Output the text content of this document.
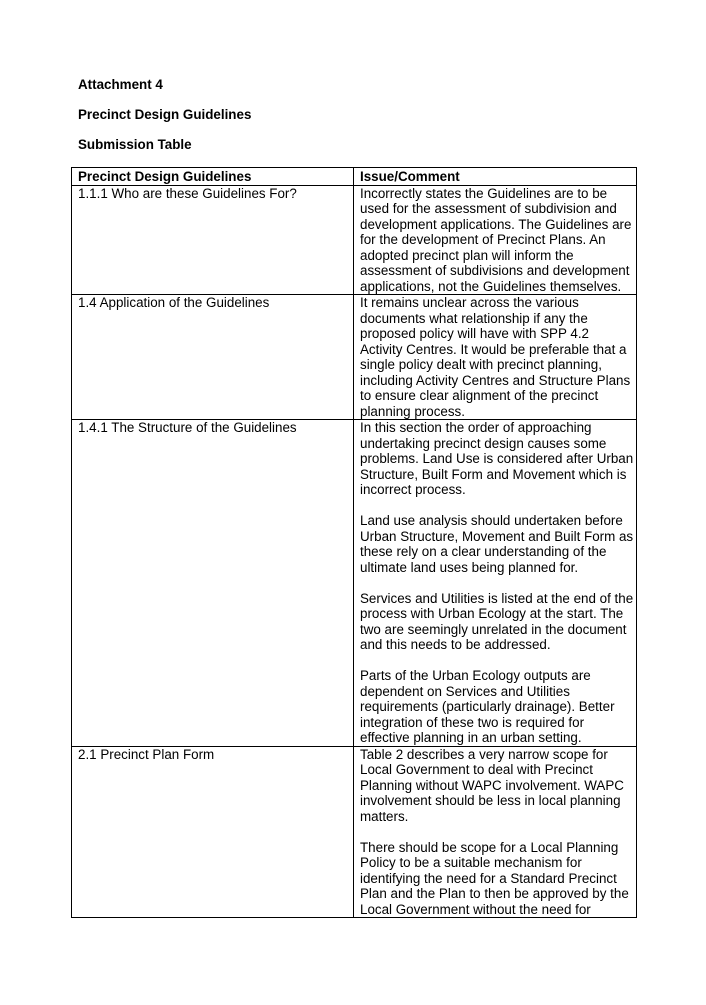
Attachment 4
Precinct Design Guidelines
Submission Table
Precinct Design Guidelines	Issue/Comment
1.1.1 Who are these Guidelines For?	Incorrectly states the Guidelines are to be used for the assessment of subdivision and development applications. The Guidelines are for the development of Precinct Plans. An adopted precinct plan will inform the assessment of subdivisions and development applications, not the Guidelines themselves.

1.4 Application of the Guidelines	It remains unclear across the various documents what relationship if any the proposed policy will have with SPP 4.2 Activity Centres. It would be preferable that a single policy dealt with precinct planning, including Activity Centres and Structure Plans to ensure clear alignment of the precinct planning process.

1.4.1 The Structure of the Guidelines	In this section the order of approaching undertaking precinct design causes some problems. Land Use is considered after Urban Structure, Built Form and Movement which is incorrect process.
Land use analysis should undertaken before Urban Structure, Movement and Built Form as these rely on a clear understanding of the ultimate land uses being planned for.
Services and Utilities is listed at the end of the process with Urban Ecology at the start. The two are seemingly unrelated in the document and this needs to be addressed.
Parts of the Urban Ecology outputs are dependent on Services and Utilities requirements (particularly drainage). Better integration of these two is required for effective planning in an urban setting.

2.1 Precinct Plan Form	Table 2 describes a very narrow scope for Local Government to deal with Precinct Planning without WAPC involvement. WAPC involvement should be less in local planning matters.
There should be scope for a Local Planning Policy to be a suitable mechanism for identifying the need for a Standard Precinct Plan and the Plan to then be approved by the Local Government without the need for
